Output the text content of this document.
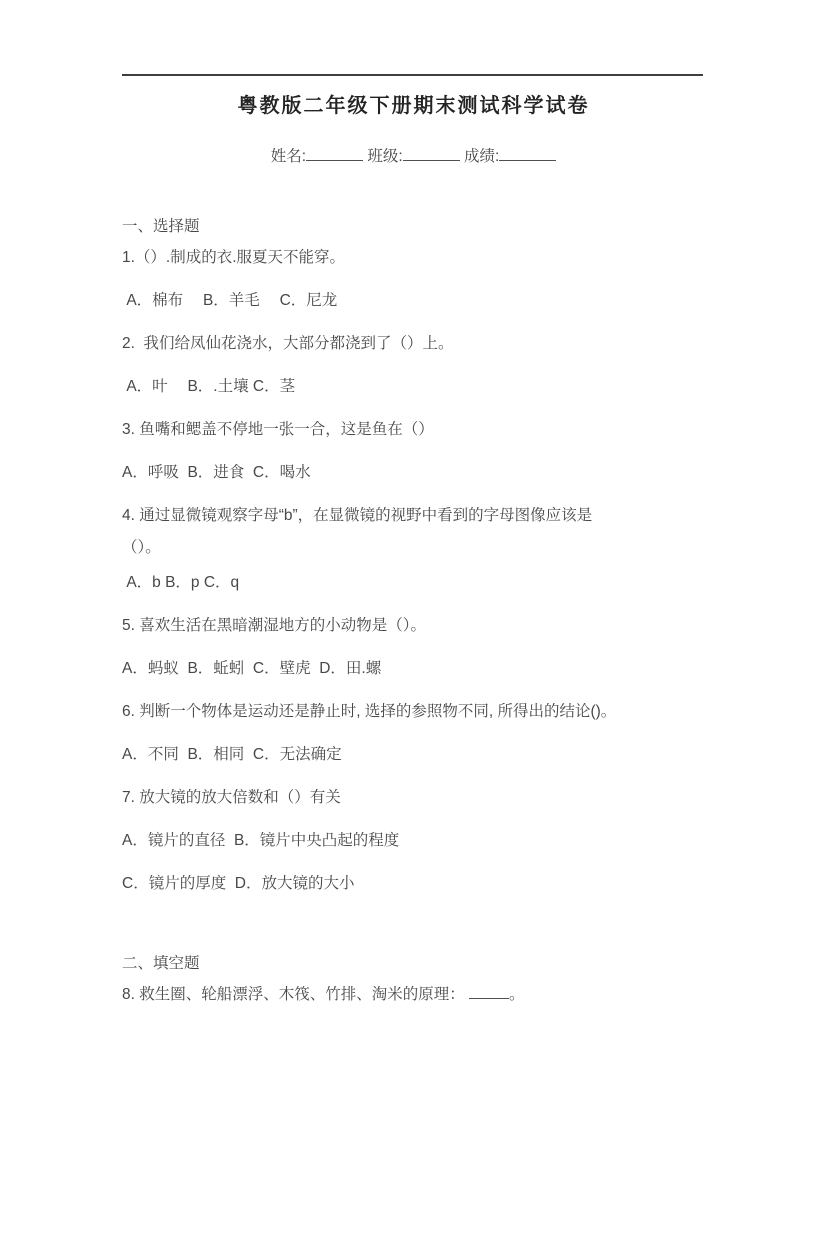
粤教版二年级下册期末测试科学试卷
姓名:	班级:	成绩:

一、选择题

1.（）.制成的衣.服夏天不能穿。

A．棉布　 B．羊毛　 C．尼龙

2.  我们给凤仙花浇水，大部分都浇到了（）上。

A．叶　 B．.土壤 C．茎

3. 鱼嘴和鳃盖不停地一张一合，这是鱼在（）

A．呼吸  B．进食  C．喝水

4. 通过显微镜观察字母“b”，在显微镜的视野中看到的字母图像应该是

（）。

A．b B．p C．q

5. 喜欢生活在黑暗潮湿地方的小动物是（）。

A．蚂蚁  B．蚯蚓  C．壁虎  D．田.螺

6. 判断一个物体是运动还是静止时, 选择的参照物不同, 所得出的结论()。

A．不同  B．相同  C．无法确定

7. 放大镜的放大倍数和（）有关

A．镜片的直径  B．镜片中央凸起的程度

C．镜片的厚度  D．放大镜的大小

二、填空题

8. 救生圈、轮船漂浮、木筏、竹排、淘米的原理：	。
